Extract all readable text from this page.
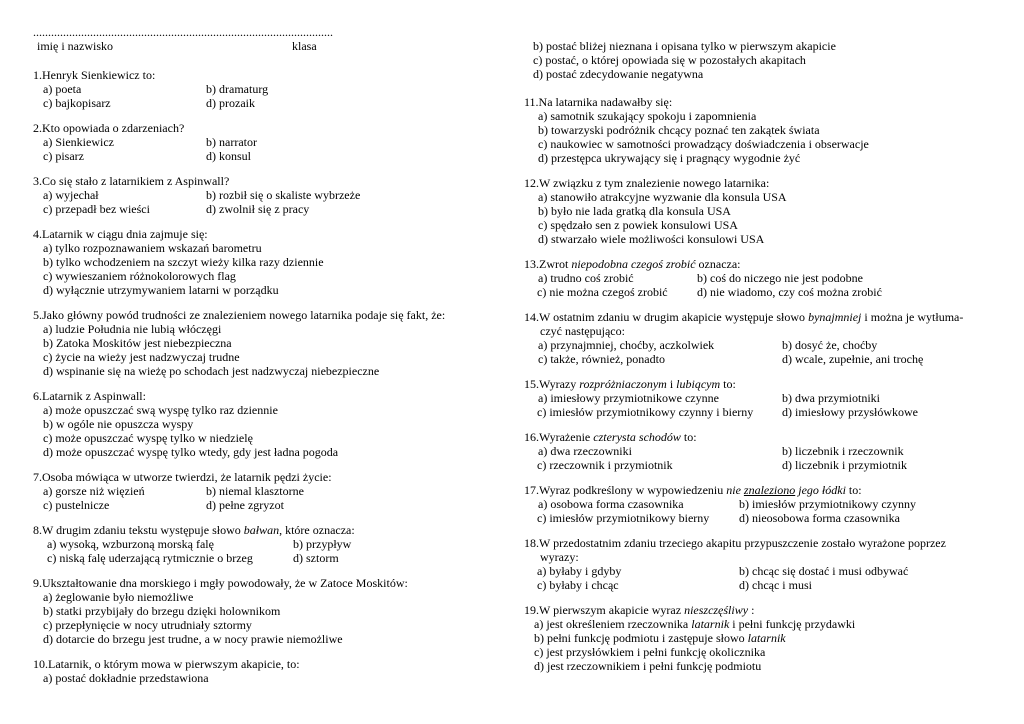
....................................................................................................
imię i nazwisko	klasa
1.Henryk Sienkiewicz to:
a) poeta	b) dramaturg
c) bajkopisarz	d) prozaik
2.Kto opowiada o zdarzeniach?
a) Sienkiewicz	b) narrator
c) pisarz	d) konsul
3.Co się stało z latarnikiem z Aspinwall?
a) wyjechał	b) rozbił się o skaliste wybrzeże
c) przepadł bez wieści	d) zwolnił się z pracy
4.Latarnik w ciągu dnia zajmuje się:
a) tylko rozpoznawaniem wskazań barometru
b) tylko wchodzeniem na szczyt wieży kilka razy dziennie
c) wywieszaniem różnokolorowych flag
d) wyłącznie utrzymywaniem latarni w porządku
5.Jako główny powód trudności ze znalezieniem nowego latarnika podaje się fakt, że:
a) ludzie Południa nie lubią włóczęgi
b) Zatoka Moskitów jest niebezpieczna
c) życie na wieży jest nadzwyczaj trudne
d) wspinanie się na wieżę po schodach jest nadzwyczaj niebezpieczne
6.Latarnik z Aspinwall:
a) może opuszczać swą wyspę tylko raz dziennie
b) w ogóle nie opuszcza wyspy
c) może opuszczać wyspę tylko w niedzielę
d) może opuszczać wyspę tylko wtedy, gdy jest ładna pogoda
7.Osoba mówiąca w utworze twierdzi, że latarnik pędzi życie:
a) gorsze niż więzień	b) niemal klasztorne
c) pustelnicze	d) pełne zgryzot
8.W drugim zdaniu tekstu występuje słowo bałwan, które oznacza:
a) wysoką, wzburzoną morską falę	b) przypływ
c) niską falę uderzającą rytmicznie o brzeg	d) sztorm
9.Ukształtowanie dna morskiego i mgły powodowały, że w Zatoce Moskitów:
a) żeglowanie było niemożliwe
b) statki przybijały do brzegu dzięki holownikom
c) przepłynięcie w nocy utrudniały sztormy
d) dotarcie do brzegu jest trudne, a w nocy prawie niemożliwe
10.Latarnik, o którym mowa w pierwszym akapicie, to:
a) postać dokładnie przedstawiona
b) postać bliżej nieznana i opisana tylko w pierwszym akapicie
c) postać, o której opowiada się w pozostałych akapitach
d) postać zdecydowanie negatywna
11.Na latarnika nadawałby się:
a) samotnik szukający spokoju i zapomnienia
b) towarzyski podróżnik chcący poznać ten zakątek świata
c) naukowiec w samotności prowadzący doświadczenia i obserwacje
d) przestępca ukrywający się i pragnący wygodnie żyć
12.W związku z tym znalezienie nowego latarnika:
a) stanowiło atrakcyjne wyzwanie dla konsula USA
b) było nie lada gratką dla konsula USA
c) spędzało sen z powiek konsulowi USA
d) stwarzało wiele możliwości konsulowi USA
13.Zwrot niepodobna czegoś zrobić oznacza:
a) trudno coś zrobić	b) coś do niczego nie jest podobne
c) nie można czegoś zrobić d) nie wiadomo, czy coś można zrobić
14.W ostatnim zdaniu w drugim akapicie występuje słowo bynajmniej i można je wytłuma-
czyć następująco:
a) przynajmniej, choćby, aczkolwiek	b) dosyć że, choćby
c) także, również, ponadto	d) wcale, zupełnie, ani trochę
15.Wyrazy rozpróżniaczonym i lubiącym to:
a) imiesłowy przymiotnikowe czynne	b) dwa przymiotniki
c) imiesłów przymiotnikowy czynny i bierny d) imiesłowy przysłówkowe
16.Wyrażenie czterysta schodów to:
a) dwa rzeczowniki	b) liczebnik i rzeczownik
c) rzeczownik i przymiotnik	d) liczebnik i przymiotnik
17.Wyraz podkreślony w wypowiedzeniu nie znaleziono jego łódki to:
a) osobowa forma czasownika	b) imiesłów przymiotnikowy czynny
c) imiesłów przymiotnikowy bierny d) nieosobowa forma czasownika
18.W przedostatnim zdaniu trzeciego akapitu przypuszczenie zostało wyrażone poprzez
wyrazy:
a) byłaby i gdyby	b) chcąc się dostać i musi odbywać
c) byłaby i chcąc	d) chcąc i musi
19.W pierwszym akapicie wyraz nieszczęśliwy :
a) jest określeniem rzeczownika latarnik i pełni funkcję przydawki
b) pełni funkcję podmiotu i zastępuje słowo latarnik
c) jest przysłówkiem i pełni funkcję okolicznika
d) jest rzeczownikiem i pełni funkcję podmiotu
